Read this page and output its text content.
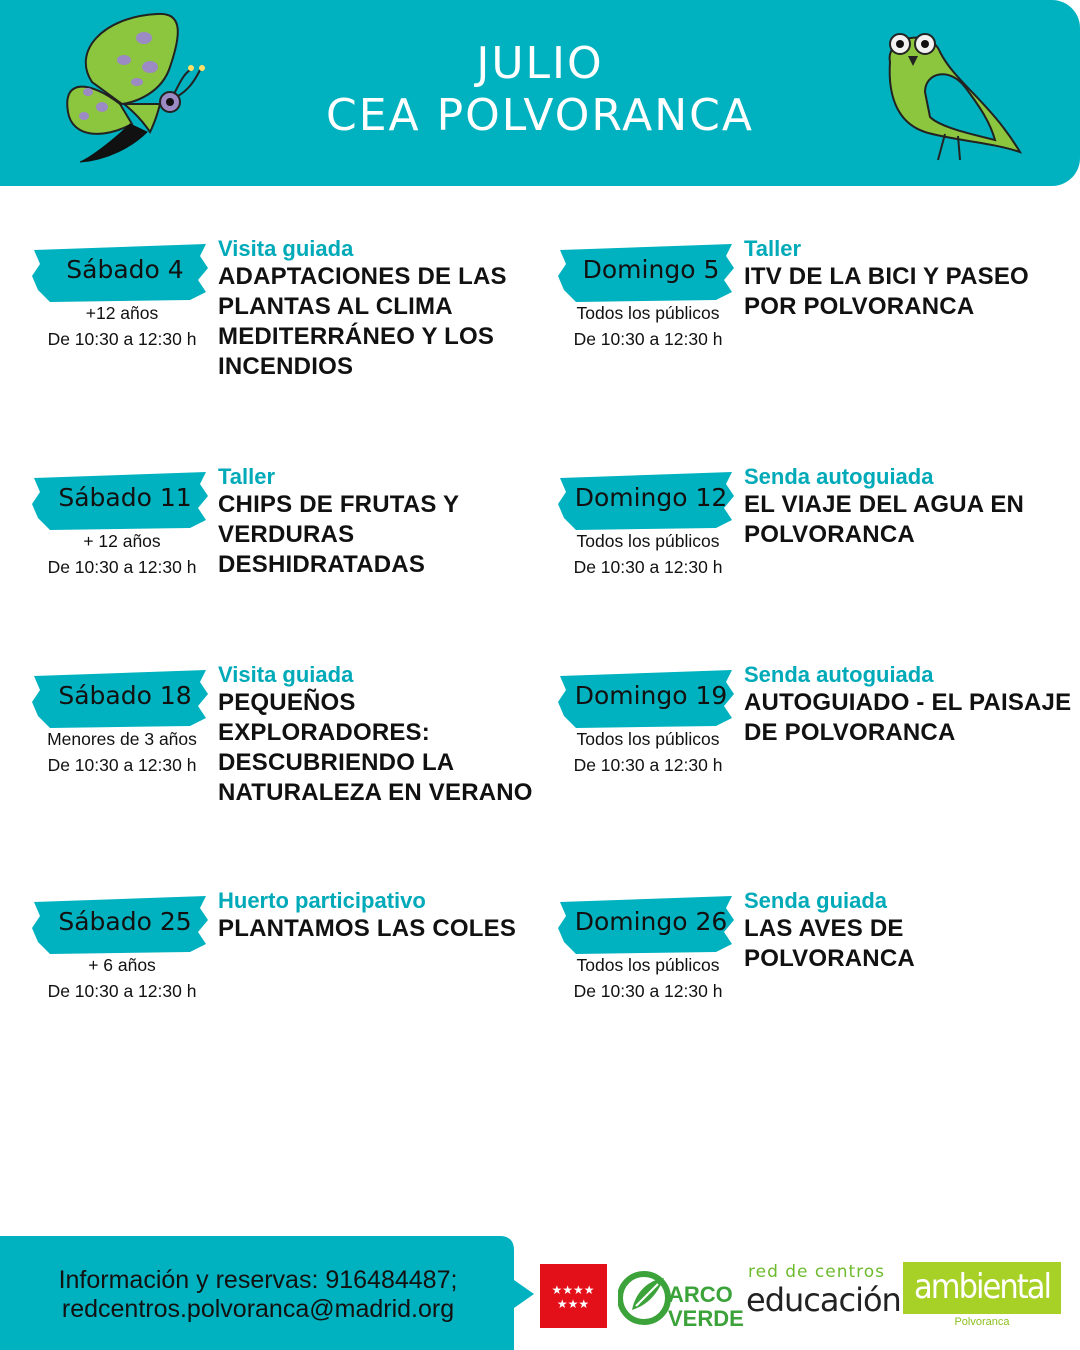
JULIO
CEA POLVORANCA
Sábado 4
+12 años
De 10:30 a 12:30 h
Visita guiada
ADAPTACIONES DE LAS PLANTAS AL CLIMA MEDITERRÁNEO Y LOS INCENDIOS
Domingo 5
Todos los públicos
De 10:30 a 12:30 h
Taller
ITV DE LA BICI Y PASEO POR POLVORANCA
Sábado 11
+ 12 años
De 10:30 a 12:30 h
Taller
CHIPS DE FRUTAS Y VERDURAS DESHIDRATADAS
Domingo 12
Todos los públicos
De 10:30 a 12:30 h
Senda autoguiada
EL VIAJE DEL AGUA EN POLVORANCA
Sábado 18
Menores de 3 años
De 10:30 a 12:30 h
Visita guiada
PEQUEÑOS EXPLORADORES: DESCUBRIENDO LA NATURALEZA EN VERANO
Domingo 19
Todos los públicos
De 10:30 a 12:30 h
Senda autoguiada
AUTOGUIADO - EL PAISAJE DE POLVORANCA
Sábado 25
+ 6 años
De 10:30 a 12:30 h
Huerto participativo
PLANTAMOS LAS COLES	Domingo 26
Todos los públicos
De 10:30 a 12:30 h
Senda guiada
LAS AVES DE POLVORANCA
Información y reservas: 916484487;
redcentros.polvoranca@madrid.org
★★★★
★★★	ARCO
VERDE
red de centros
educación ambiental
Polvoranca
